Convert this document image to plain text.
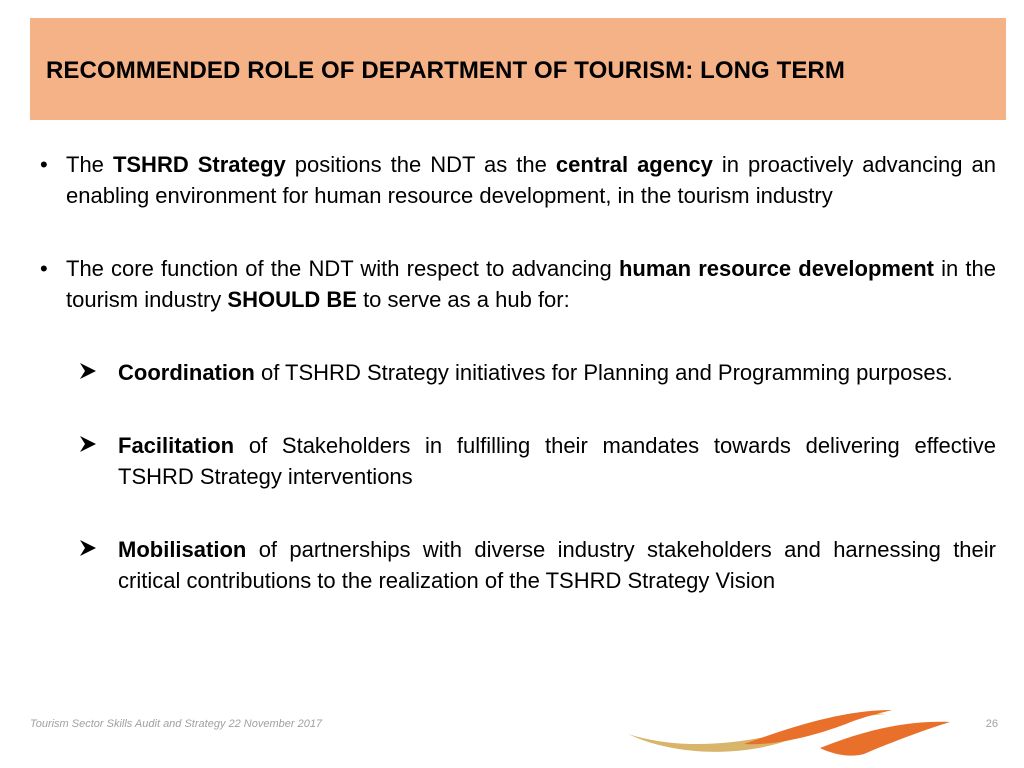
RECOMMENDED ROLE OF DEPARTMENT OF TOURISM: LONG TERM

• The TSHRD Strategy positions the NDT as the central agency in proactively advancing an enabling environment for human resource development, in the tourism industry

• The core function of the NDT with respect to advancing human resource development in the tourism industry SHOULD BE to serve as a hub for:

Coordination of TSHRD Strategy initiatives for Planning and Programming purposes.

Facilitation of Stakeholders in fulfilling their mandates towards delivering effective TSHRD Strategy interventions

Mobilisation of partnerships with diverse industry stakeholders and harnessing their critical contributions to the realization of the TSHRD Strategy Vision

Tourism Sector Skills Audit and Strategy 22 November 2017	26
